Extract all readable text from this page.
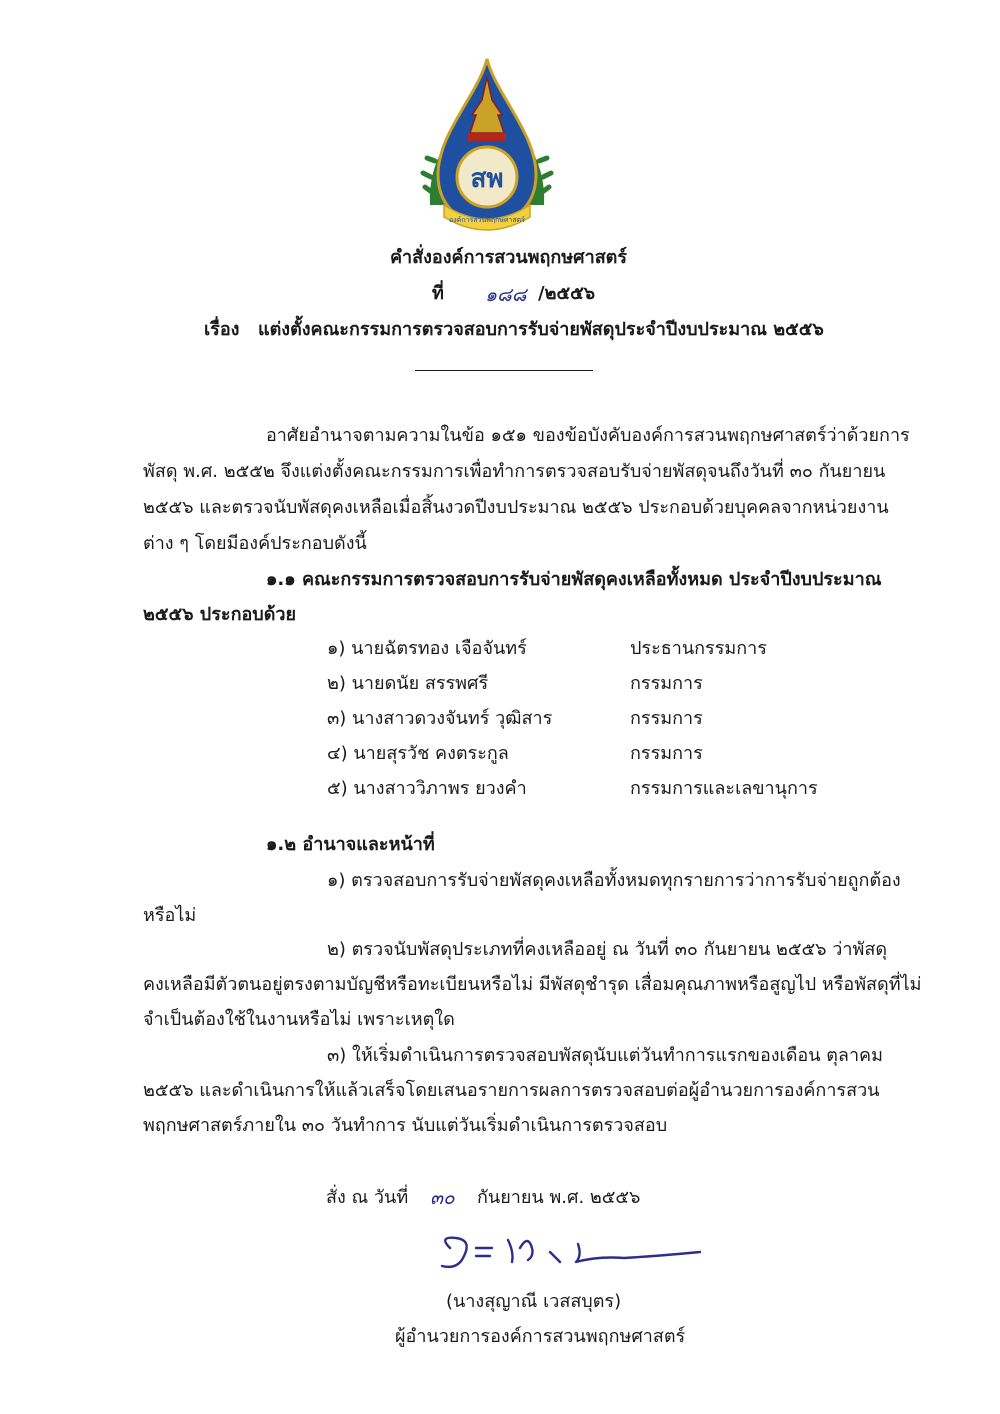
สพ
องค์การสวนพฤกษศาสตร์
คำสั่งองค์การสวนพฤกษศาสตร์
ที่ ๑๘๘ /๒๕๕๖
เรื่อง แต่งตั้งคณะกรรมการตรวจสอบการรับจ่ายพัสดุประจำปีงบประมาณ ๒๕๕๖
อาศัยอำนาจตามความในข้อ ๑๕๑ ของข้อบังคับองค์การสวนพฤกษศาสตร์ว่าด้วยการ
พัสดุ พ.ศ. ๒๕๕๒ จึงแต่งตั้งคณะกรรมการเพื่อทำการตรวจสอบรับจ่ายพัสดุจนถึงวันที่ ๓๐ กันยายน
๒๕๕๖ และตรวจนับพัสดุคงเหลือเมื่อสิ้นงวดปีงบประมาณ ๒๕๕๖ ประกอบด้วยบุคคลจากหน่วยงาน
ต่าง ๆ โดยมีองค์ประกอบดังนี้
๑.๑ คณะกรรมการตรวจสอบการรับจ่ายพัสดุคงเหลือทั้งหมด ประจำปีงบประมาณ
๒๕๕๖ ประกอบด้วย
๑) นายฉัตรทอง เจือจันทร์	ประธานกรรมการ
๒) นายดนัย สรรพศรี	กรรมการ
๓) นางสาวดวงจันทร์ วุฒิสาร	กรรมการ
๔) นายสุรวัช คงตระกูล	กรรมการ
๕) นางสาววิภาพร ยวงคำ	กรรมการและเลขานุการ
๑.๒ อำนาจและหน้าที่
๑) ตรวจสอบการรับจ่ายพัสดุคงเหลือทั้งหมดทุกรายการว่าการรับจ่ายถูกต้อง
หรือไม่
๒) ตรวจนับพัสดุประเภทที่คงเหลืออยู่ ณ วันที่ ๓๐ กันยายน ๒๕๕๖ ว่าพัสดุ
คงเหลือมีตัวตนอยู่ตรงตามบัญชีหรือทะเบียนหรือไม่ มีพัสดุชำรุด เสื่อมคุณภาพหรือสูญไป หรือพัสดุที่ไม่
จำเป็นต้องใช้ในงานหรือไม่ เพราะเหตุใด
๓) ให้เริ่มดำเนินการตรวจสอบพัสดุนับแต่วันทำการแรกของเดือน ตุลาคม
๒๕๕๖ และดำเนินการให้แล้วเสร็จโดยเสนอรายการผลการตรวจสอบต่อผู้อำนวยการองค์การสวน
พฤกษศาสตร์ภายใน ๓๐ วันทำการ นับแต่วันเริ่มดำเนินการตรวจสอบ
สั่ง ณ วันที่ ๓๐ กันยายน พ.ศ. ๒๕๕๖
(นางสุญาณี เวสสบุตร)
ผู้อำนวยการองค์การสวนพฤกษศาสตร์
